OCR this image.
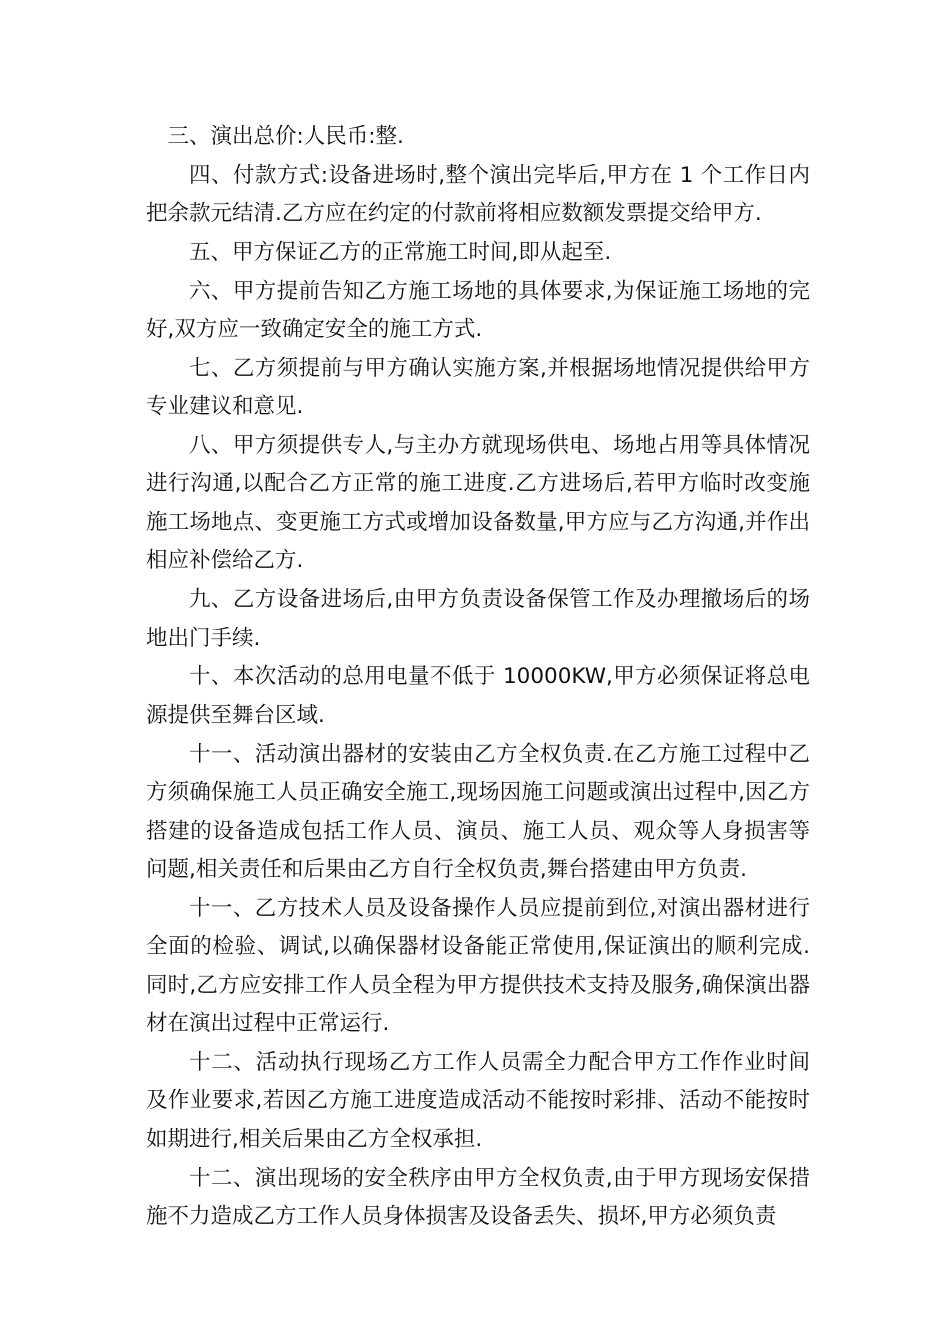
三、演出总价:人民币:整.

四、付款方式:设备进场时,整个演出完毕后,甲方在 1 个工作日内把余款元结清.乙方应在约定的付款前将相应数额发票提交给甲方.

五、甲方保证乙方的正常施工时间,即从起至.

六、甲方提前告知乙方施工场地的具体要求,为保证施工场地的完好,双方应一致确定安全的施工方式.

七、乙方须提前与甲方确认实施方案,并根据场地情况提供给甲方专业建议和意见.

八、甲方须提供专人,与主办方就现场供电、场地占用等具体情况进行沟通,以配合乙方正常的施工进度.乙方进场后,若甲方临时改变施施工场地点、变更施工方式或增加设备数量,甲方应与乙方沟通,并作出相应补偿给乙方.

九、乙方设备进场后,由甲方负责设备保管工作及办理撤场后的场地出门手续.

十、本次活动的总用电量不低于 10000KW,甲方必须保证将总电源提供至舞台区域.

十一、活动演出器材的安装由乙方全权负责.在乙方施工过程中乙方须确保施工人员正确安全施工,现场因施工问题或演出过程中,因乙方搭建的设备造成包括工作人员、演员、施工人员、观众等人身损害等问题,相关责任和后果由乙方自行全权负责,舞台搭建由甲方负责.

十一、乙方技术人员及设备操作人员应提前到位,对演出器材进行全面的检验、调试,以确保器材设备能正常使用,保证演出的顺利完成.同时,乙方应安排工作人员全程为甲方提供技术支持及服务,确保演出器材在演出过程中正常运行.

十二、活动执行现场乙方工作人员需全力配合甲方工作作业时间及作业要求,若因乙方施工进度造成活动不能按时彩排、活动不能按时如期进行,相关后果由乙方全权承担.

十二、演出现场的安全秩序由甲方全权负责,由于甲方现场安保措施不力造成乙方工作人员身体损害及设备丢失、损坏,甲方必须负责
